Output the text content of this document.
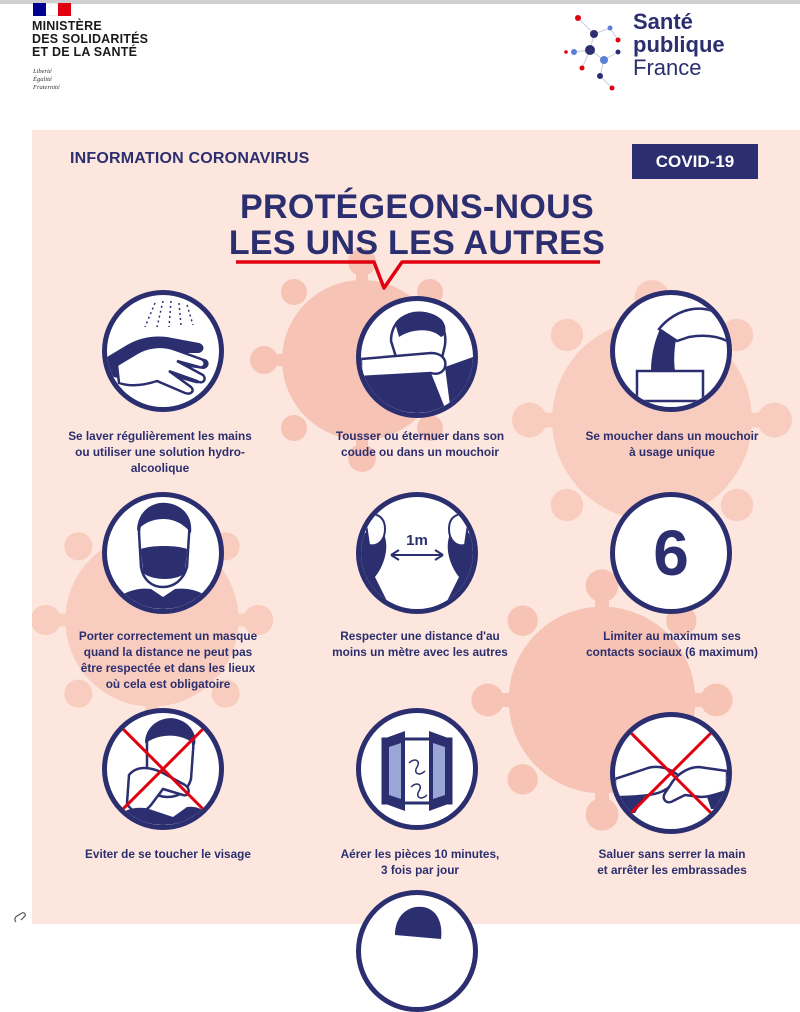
MINISTÈRE
DES SOLIDARITÉS
ET DE LA SANTÉ
Liberté
Égalité
Fraternité
Santé
publique
France
INFORMATION CORONAVIRUS	COVID-19
PROTÉGEONS-NOUS
LES UNS LES AUTRES
Se laver régulièrement les mains
ou utiliser une solution hydro-
alcoolique
Tousser ou éternuer dans son
coude ou dans un mouchoir
Se moucher dans un mouchoir
à usage unique
Porter correctement un masque
quand la distance ne peut pas
être respectée et dans les lieux
où cela est obligatoire
1m
Respecter une distance d'au
moins un mètre avec les autres
6
Limiter au maximum ses
contacts sociaux (6 maximum)
Eviter de se toucher le visage	Aérer les pièces 10 minutes,
3 fois par jour
Saluer sans serrer la main
et arrêter les embrassades
